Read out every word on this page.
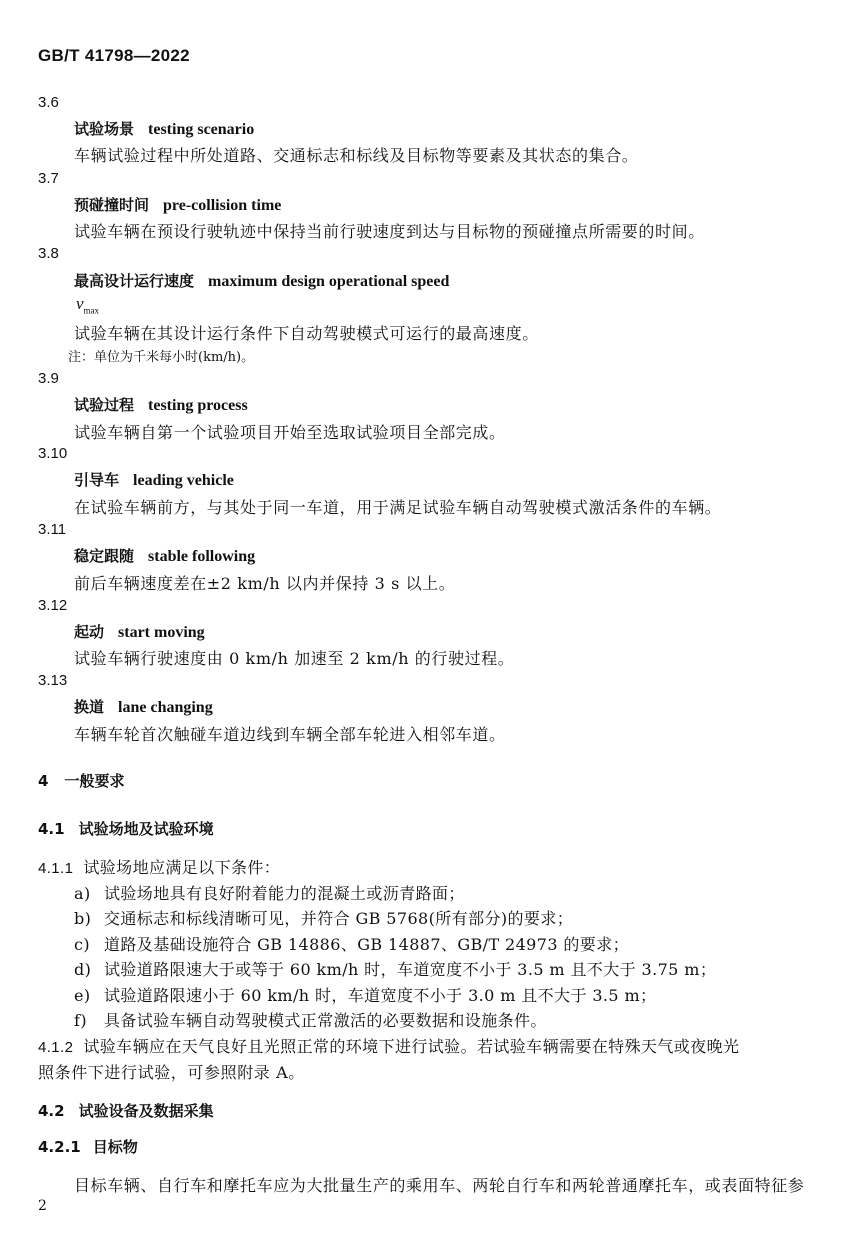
GB/T 41798—2022
3.6
试验场景 testing scenario
车辆试验过程中所处道路、交通标志和标线及目标物等要素及其状态的集合。
3.7
预碰撞时间 pre-collision time
试验车辆在预设行驶轨迹中保持当前行驶速度到达与目标物的预碰撞点所需要的时间。
3.8
最高设计运行速度 maximum design operational speed
$v_{max}$
试验车辆在其设计运行条件下自动驾驶模式可运行的最高速度。
注：单位为千米每小时(km/h)。
3.9
试验过程 testing process
试验车辆自第一个试验项目开始至选取试验项目全部完成。
3.10
引导车 leading vehicle
在试验车辆前方，与其处于同一车道，用于满足试验车辆自动驾驶模式激活条件的车辆。
3.11
稳定跟随 stable following
前后车辆速度差在±2 km/h 以内并保持 3 s 以上。
3.12
起动 start moving
试验车辆行驶速度由 0 km/h 加速至 2 km/h 的行驶过程。
3.13
换道 lane changing
车辆车轮首次触碰车道边线到车辆全部车轮进入相邻车道。
4 一般要求
4.1 试验场地及试验环境
4.1.1 试验场地应满足以下条件：
a) 试验场地具有良好附着能力的混凝土或沥青路面；
b) 交通标志和标线清晰可见，并符合 GB 5768(所有部分)的要求；
c) 道路及基础设施符合 GB 14886、GB 14887、GB/T 24973 的要求；
d) 试验道路限速大于或等于 60 km/h 时，车道宽度不小于 3.5 m 且不大于 3.75 m；
e) 试验道路限速小于 60 km/h 时，车道宽度不小于 3.0 m 且不大于 3.5 m；
f) 具备试验车辆自动驾驶模式正常激活的必要数据和设施条件。
4.1.2 试验车辆应在天气良好且光照正常的环境下进行试验。若试验车辆需要在特殊天气或夜晚光
照条件下进行试验，可参照附录 A。
4.2 试验设备及数据采集
4.2.1 目标物
目标车辆、自行车和摩托车应为大批量生产的乘用车、两轮自行车和两轮普通摩托车，或表面特征参
2
